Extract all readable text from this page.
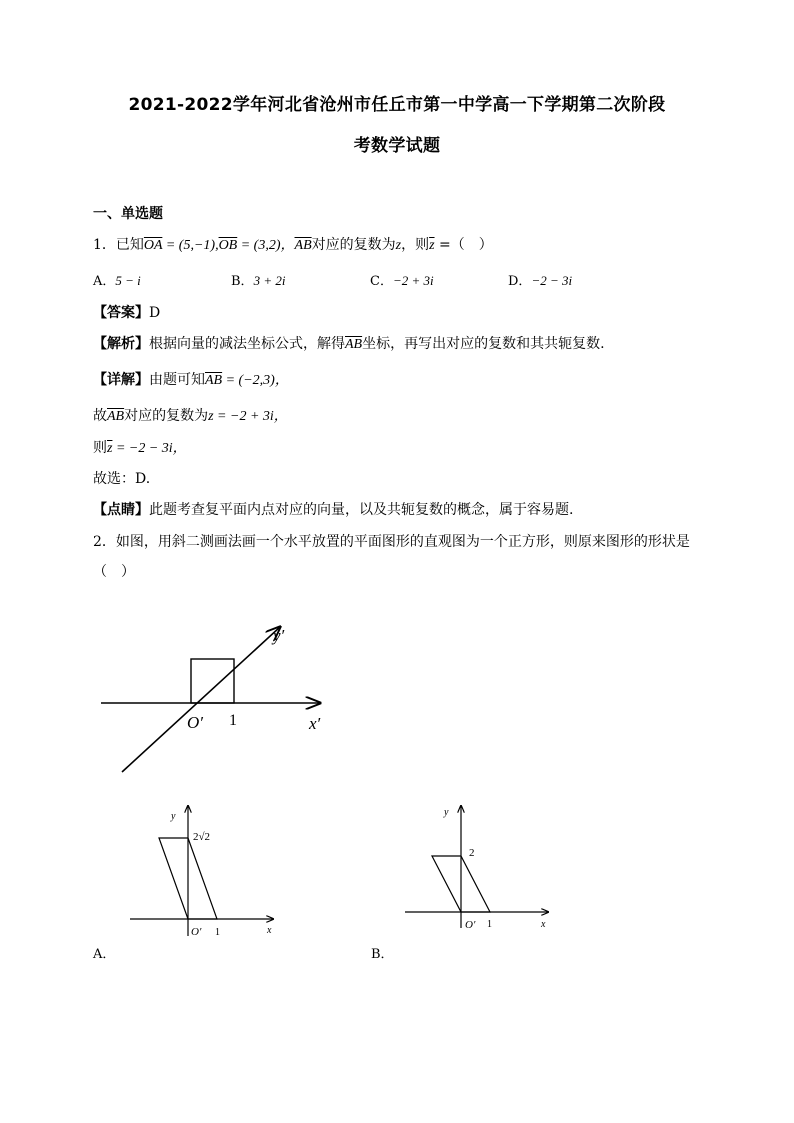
2021-2022学年河北省沧州市任丘市第一中学高一下学期第二次阶段
考数学试题
一、单选题
1．已知$\overline{OA} = (5,-1),\overline{OB} = (3,2)$，$\overline{AB}$对应的复数为z，则$\overline{z}$ =（　）
A．5 − i	B．3 + 2i	C．−2 + 3i	D．−2 − 3i
【答案】D
【解析】根据向量的减法坐标公式，解得$\overline{AB}$坐标，再写出对应的复数和其共轭复数.
【详解】由题可知$\overline{AB} = (-2,3)$，
故$\overline{AB}$对应的复数为z = −2 + 3i，
则$\overline{z} = -2 - 3i$，
故选：D.
【点睛】此题考查复平面内点对应的向量，以及共轭复数的概念，属于容易题.
2．如图，用斜二测画法画一个水平放置的平面图形的直观图为一个正方形，则原来图形的形状是
（　）
y′
x′
O′ 1
y
x
O′ 1
2√2
A．
y
x
O′ 1
2
B．
